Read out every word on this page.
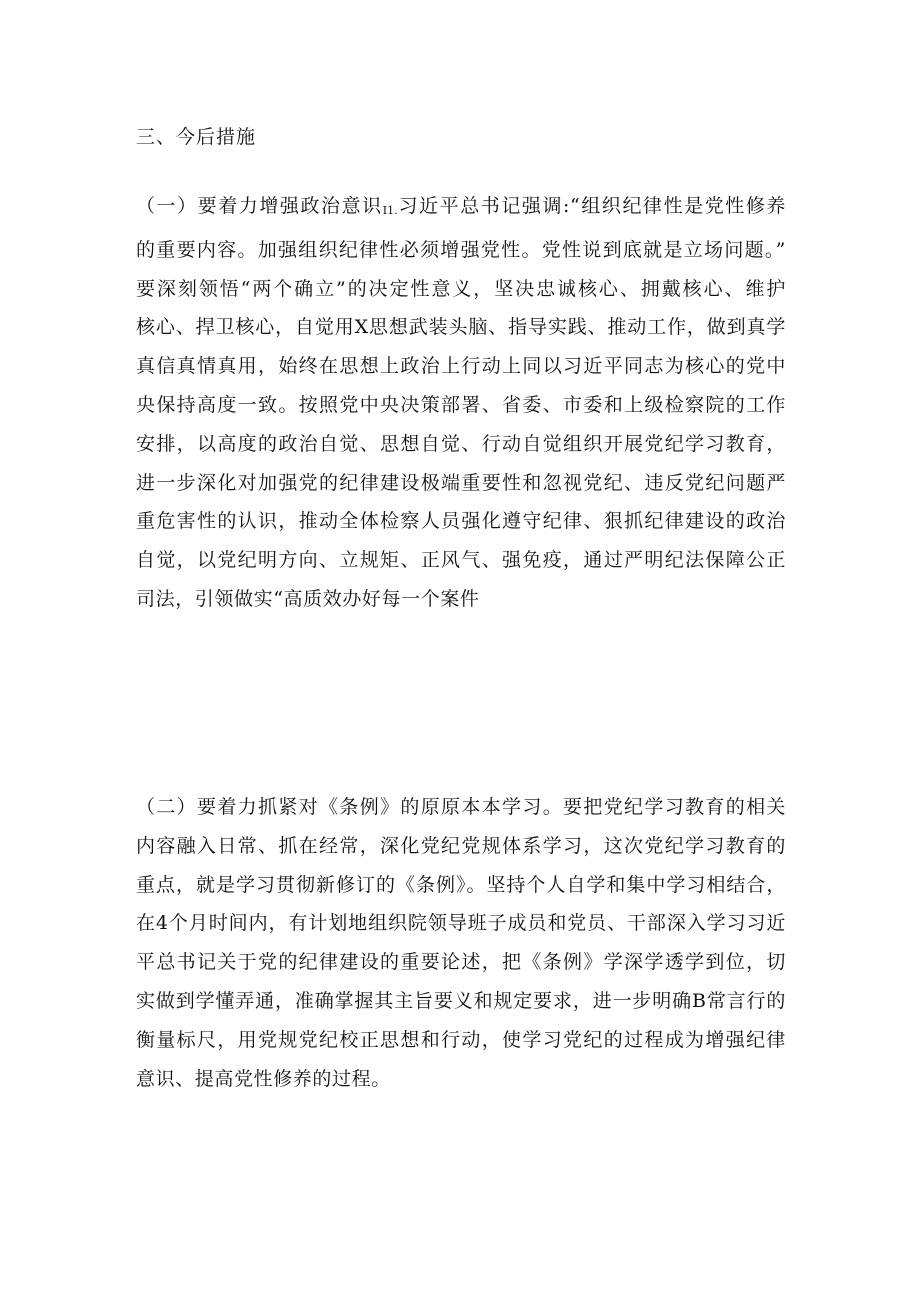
三、今后措施
（一）要着力增强政治意识I1.习近平总书记强调:“组织纪律性是党性修养
的重要内容。加强组织纪律性必须增强党性。党性说到底就是立场问题。”
要深刻领悟“两个确立”的决定性意义，坚决忠诚核心、拥戴核心、维护
核心、捍卫核心，自觉用X思想武装头脑、指导实践、推动工作，做到真学
真信真情真用，始终在思想上政治上行动上同以习近平同志为核心的党中
央保持高度一致。按照党中央决策部署、省委、市委和上级检察院的工作
安排，以高度的政治自觉、思想自觉、行动自觉组织开展党纪学习教育，
进一步深化对加强党的纪律建设极端重要性和忽视党纪、违反党纪问题严
重危害性的认识，推动全体检察人员强化遵守纪律、狠抓纪律建设的政治
自觉，以党纪明方向、立规矩、正风气、强免疫，通过严明纪法保障公正
司法，引领做实“高质效办好每一个案件
（二）要着力抓紧对《条例》的原原本本学习。要把党纪学习教育的相关
内容融入日常、抓在经常，深化党纪党规体系学习，这次党纪学习教育的
重点，就是学习贯彻新修订的《条例》。坚持个人自学和集中学习相结合，
在4个月时间内，有计划地组织院领导班子成员和党员、干部深入学习习近
平总书记关于党的纪律建设的重要论述，把《条例》学深学透学到位，切
实做到学懂弄通，准确掌握其主旨要义和规定要求，进一步明确B常言行的
衡量标尺，用党规党纪校正思想和行动，使学习党纪的过程成为增强纪律
意识、提高党性修养的过程。
